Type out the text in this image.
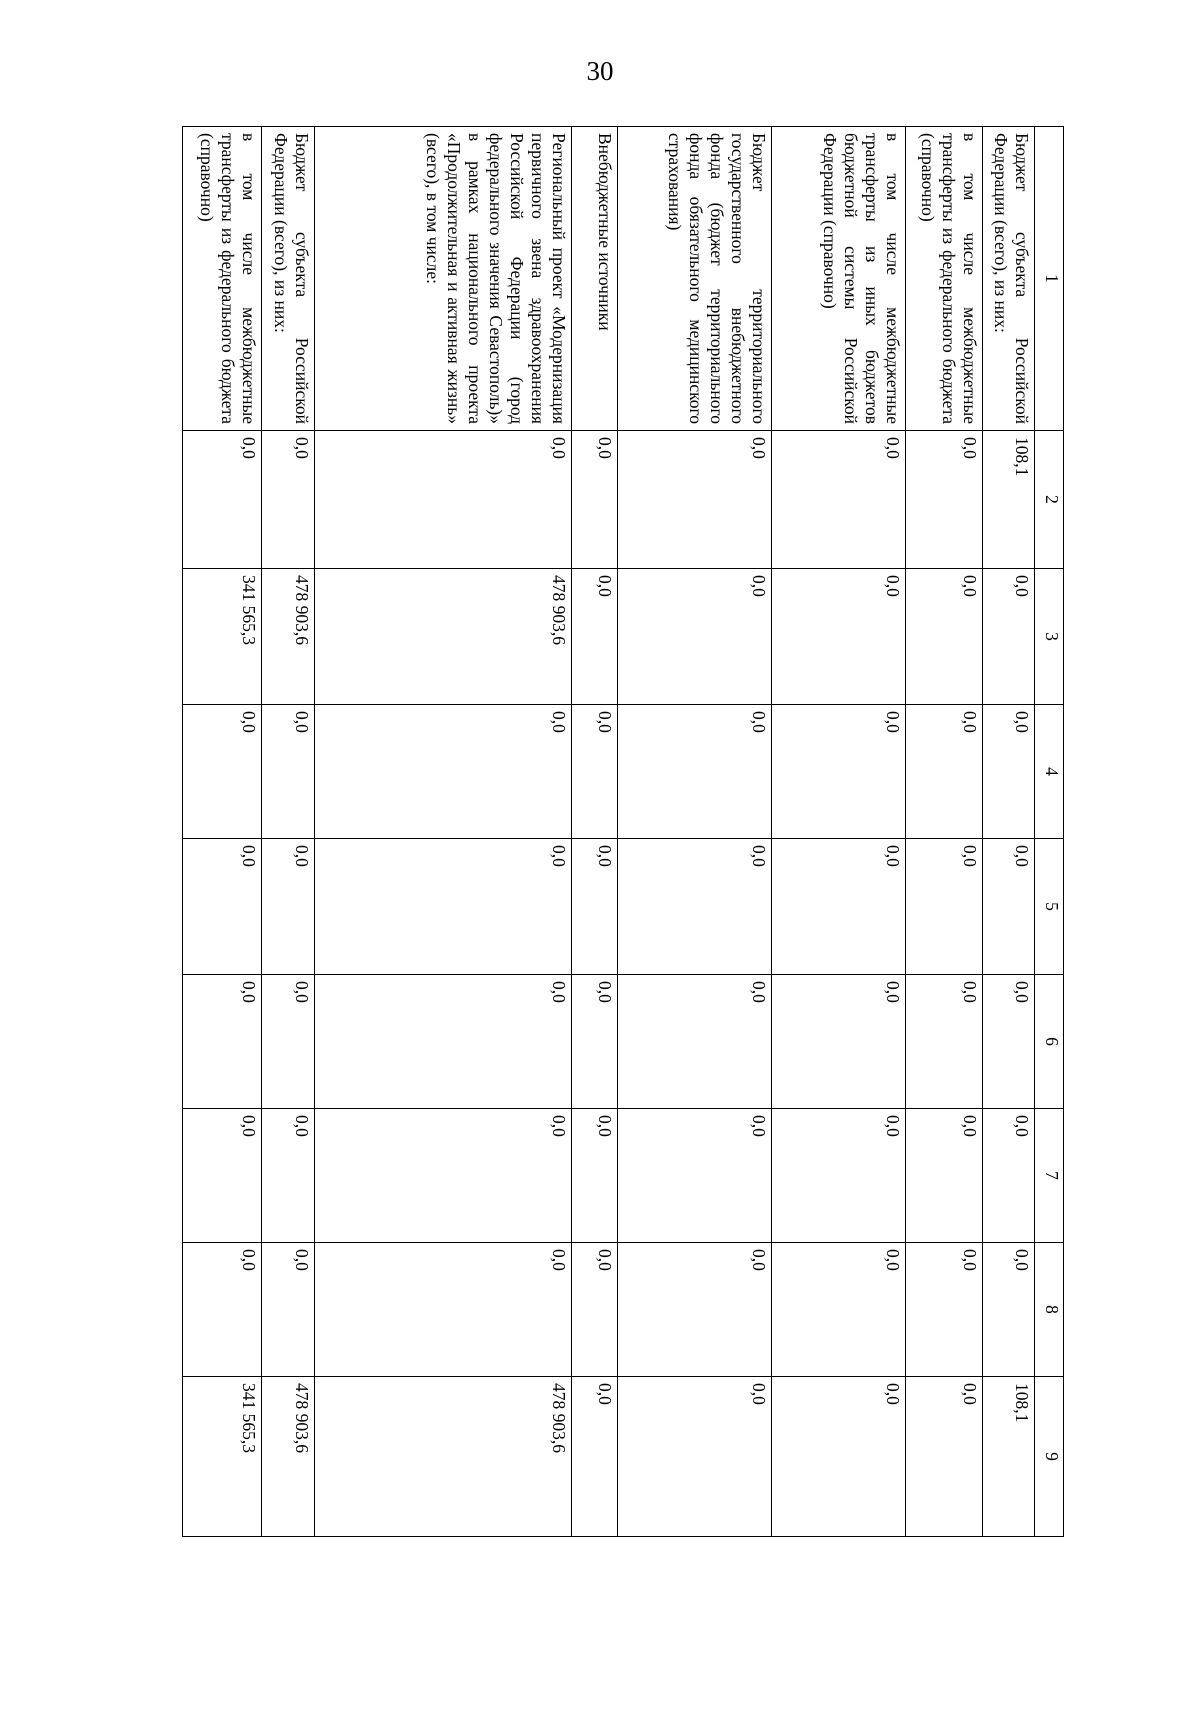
30
1	2	3	4	5	6	7	8	9
Бюджет субъекта Российской Федерации (всего), из них:	108,1	0,0	0,0	0,0	0,0	0,0	0,0	108,1
в том числе межбюджетные трансферты из федерального бюджета (справочно)	0,0	0,0	0,0	0,0	0,0	0,0	0,0	0,0
в том числе межбюджетные трансферты из иных бюджетов бюджетной системы Российской Федерации (справочно)	0,0	0,0	0,0	0,0	0,0	0,0	0,0	0,0
Бюджет территориального государственного внебюджетного фонда (бюджет территориального фонда обязательного медицинского страхования)	0,0	0,0	0,0	0,0	0,0	0,0	0,0	0,0
Внебюджетные источники	0,0	0,0	0,0	0,0	0,0	0,0	0,0	0,0
Региональный проект «Модернизация первичного звена здравоохранения Российской Федерации (город федерального значения Севастополь)» в рамках национального проекта «Продолжительная и активная жизнь» (всего), в том числе:	0,0	478 903,6	0,0	0,0	0,0	0,0	0,0	478 903,6
Бюджет субъекта Российской Федерации (всего), из них:	0,0	478 903,6	0,0	0,0	0,0	0,0	0,0	478 903,6
в том числе межбюджетные трансферты из федерального бюджета (справочно)	0,0	341 565,3	0,0	0,0	0,0	0,0	0,0	341 565,3
